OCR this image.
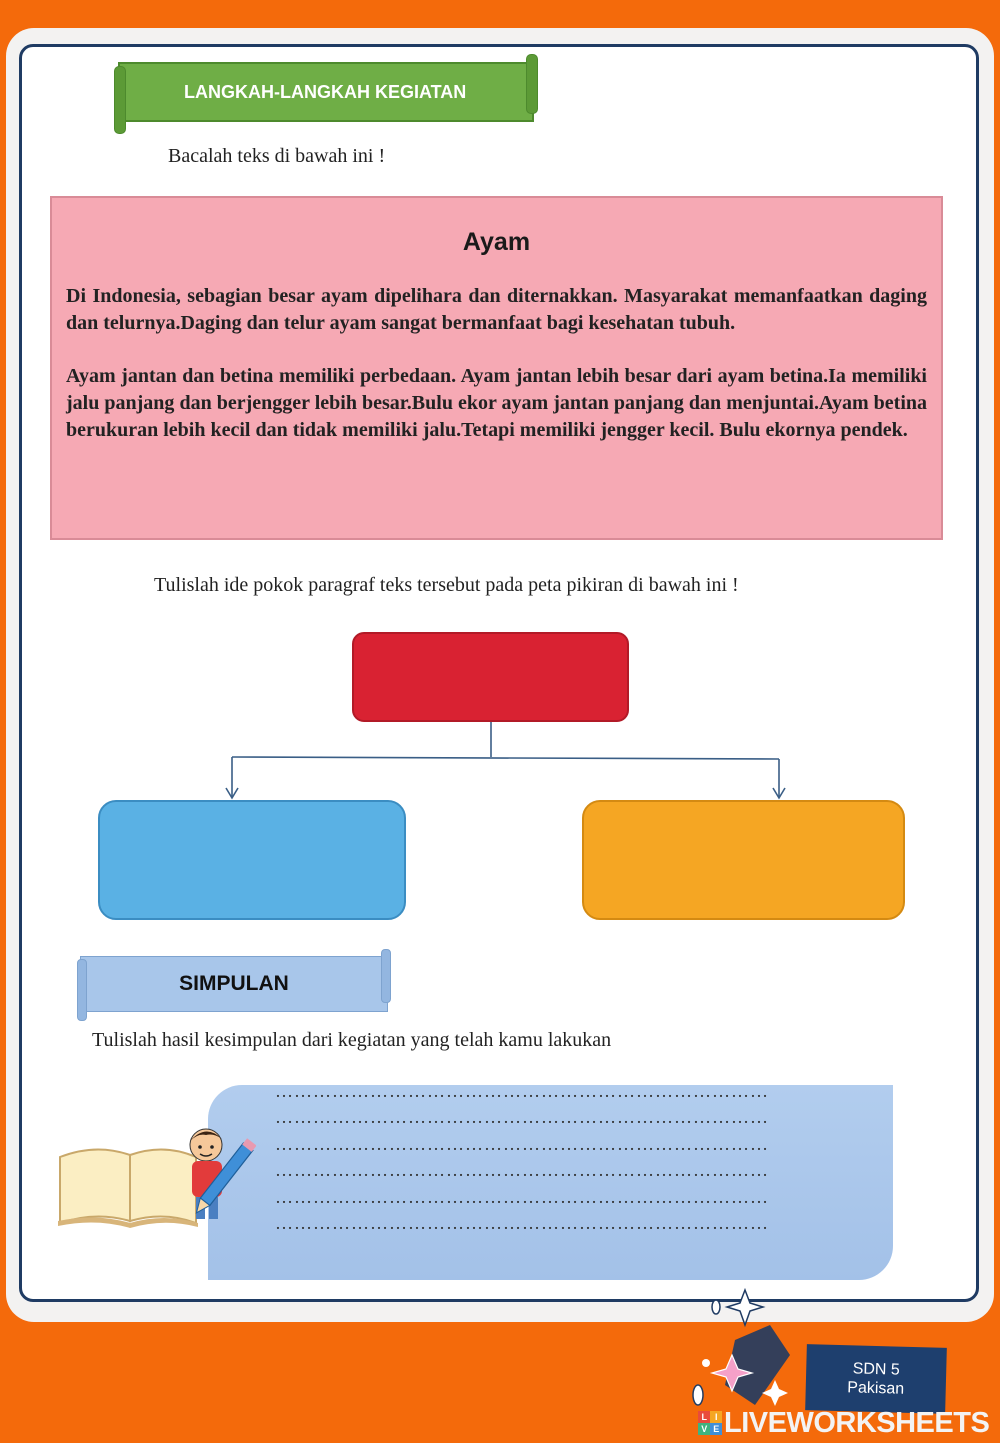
LANGKAH-LANGKAH KEGIATAN
Bacalah teks di bawah ini !
Ayam

Di Indonesia, sebagian besar ayam dipelihara dan diternakkan. Masyarakat memanfaatkan daging dan telurnya.Daging dan telur ayam sangat bermanfaat bagi kesehatan tubuh.

Ayam jantan dan betina memiliki perbedaan. Ayam jantan lebih besar dari ayam betina.Ia memiliki jalu panjang dan berjengger lebih besar.Bulu ekor ayam jantan panjang dan menjuntai.Ayam betina berukuran lebih kecil dan tidak memiliki jalu.Tetapi memiliki jengger kecil. Bulu ekornya pendek.

Tulislah ide pokok paragraf teks tersebut pada peta pikiran di bawah ini !
SIMPULAN
Tulislah hasil kesimpulan dari kegiatan yang telah kamu lakukan
……………………………………………………………………
……………………………………………………………………
……………………………………………………………………
……………………………………………………………………
……………………………………………………………………
……………………………………………………………………
SDN 5
Pakisan
L I
V E LIVEWORKSHEETS
